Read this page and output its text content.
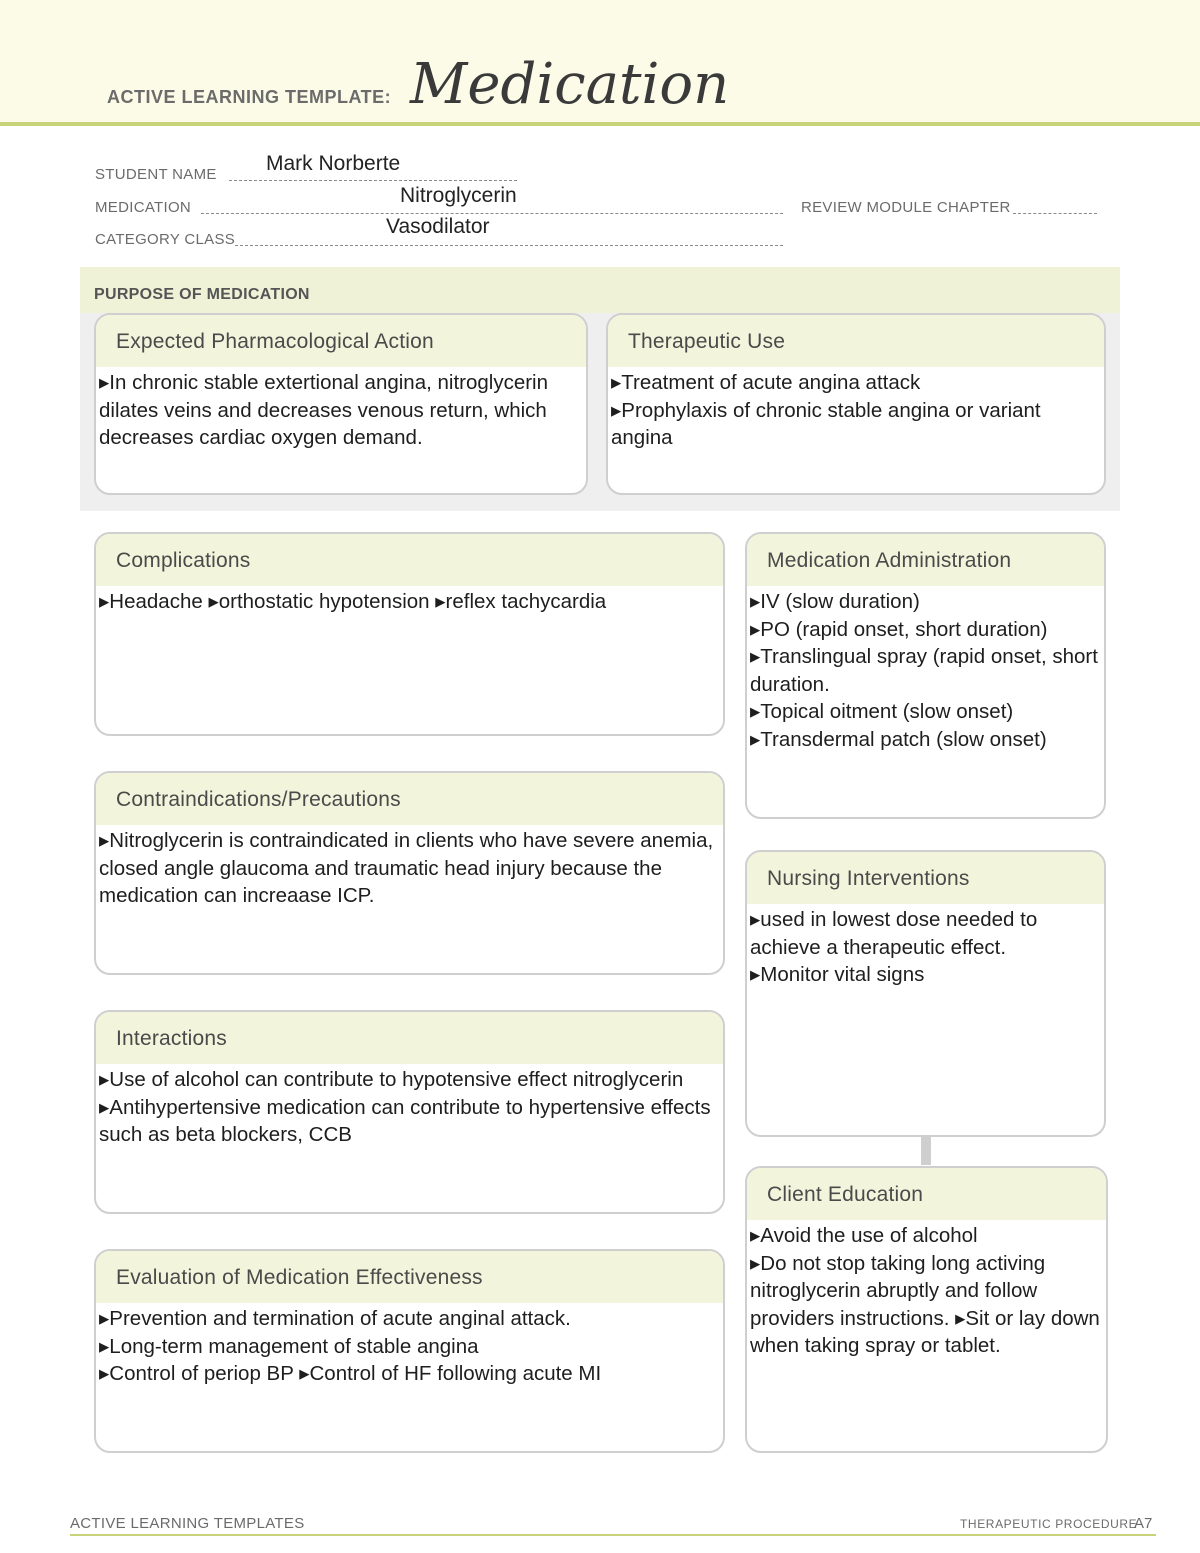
ACTIVE LEARNING TEMPLATE: Medication
STUDENT NAME Mark Norberte
MEDICATION
Nitroglycerin
REVIEW MODULE CHAPTER
CATEGORY CLASS
Vasodilator
PURPOSE OF MEDICATION
Expected Pharmacological Action
▸In chronic stable extertional angina, nitroglycerin dilates veins and decreases venous return, which decreases cardiac oxygen demand.
Therapeutic Use
▸Treatment of acute angina attack
▸Prophylaxis of chronic stable angina or variant angina
Complications
▸Headache ▸orthostatic hypotension ▸reflex tachycardia
Contraindications/Precautions
▸Nitroglycerin is contraindicated in clients who have severe anemia, closed angle glaucoma and traumatic head injury because the medication can increaase ICP.
Interactions
▸Use of alcohol can contribute to hypotensive effect nitroglycerin
▸Antihypertensive medication can contribute to hypertensive effects such as beta blockers, CCB
Evaluation of Medication Effectiveness
▸Prevention and termination of acute anginal attack.
▸Long-term management of stable angina
▸Control of periop BP ▸Control of HF following acute MI
Medication Administration
▸IV (slow duration)
▸PO (rapid onset, short duration) ▸Translingual spray (rapid onset, short duration.
▸Topical oitment (slow onset)
▸Transdermal patch (slow onset)
Nursing Interventions
▸used in lowest dose needed to achieve a therapeutic effect.
▸Monitor vital signs
Client Education
▸Avoid the use of alcohol
▸Do not stop taking long activing nitroglycerin abruptly and follow providers instructions. ▸Sit or lay down when taking spray or tablet.
ACTIVE LEARNING TEMPLATES	THERAPEUTIC PROCEDURE
A7
